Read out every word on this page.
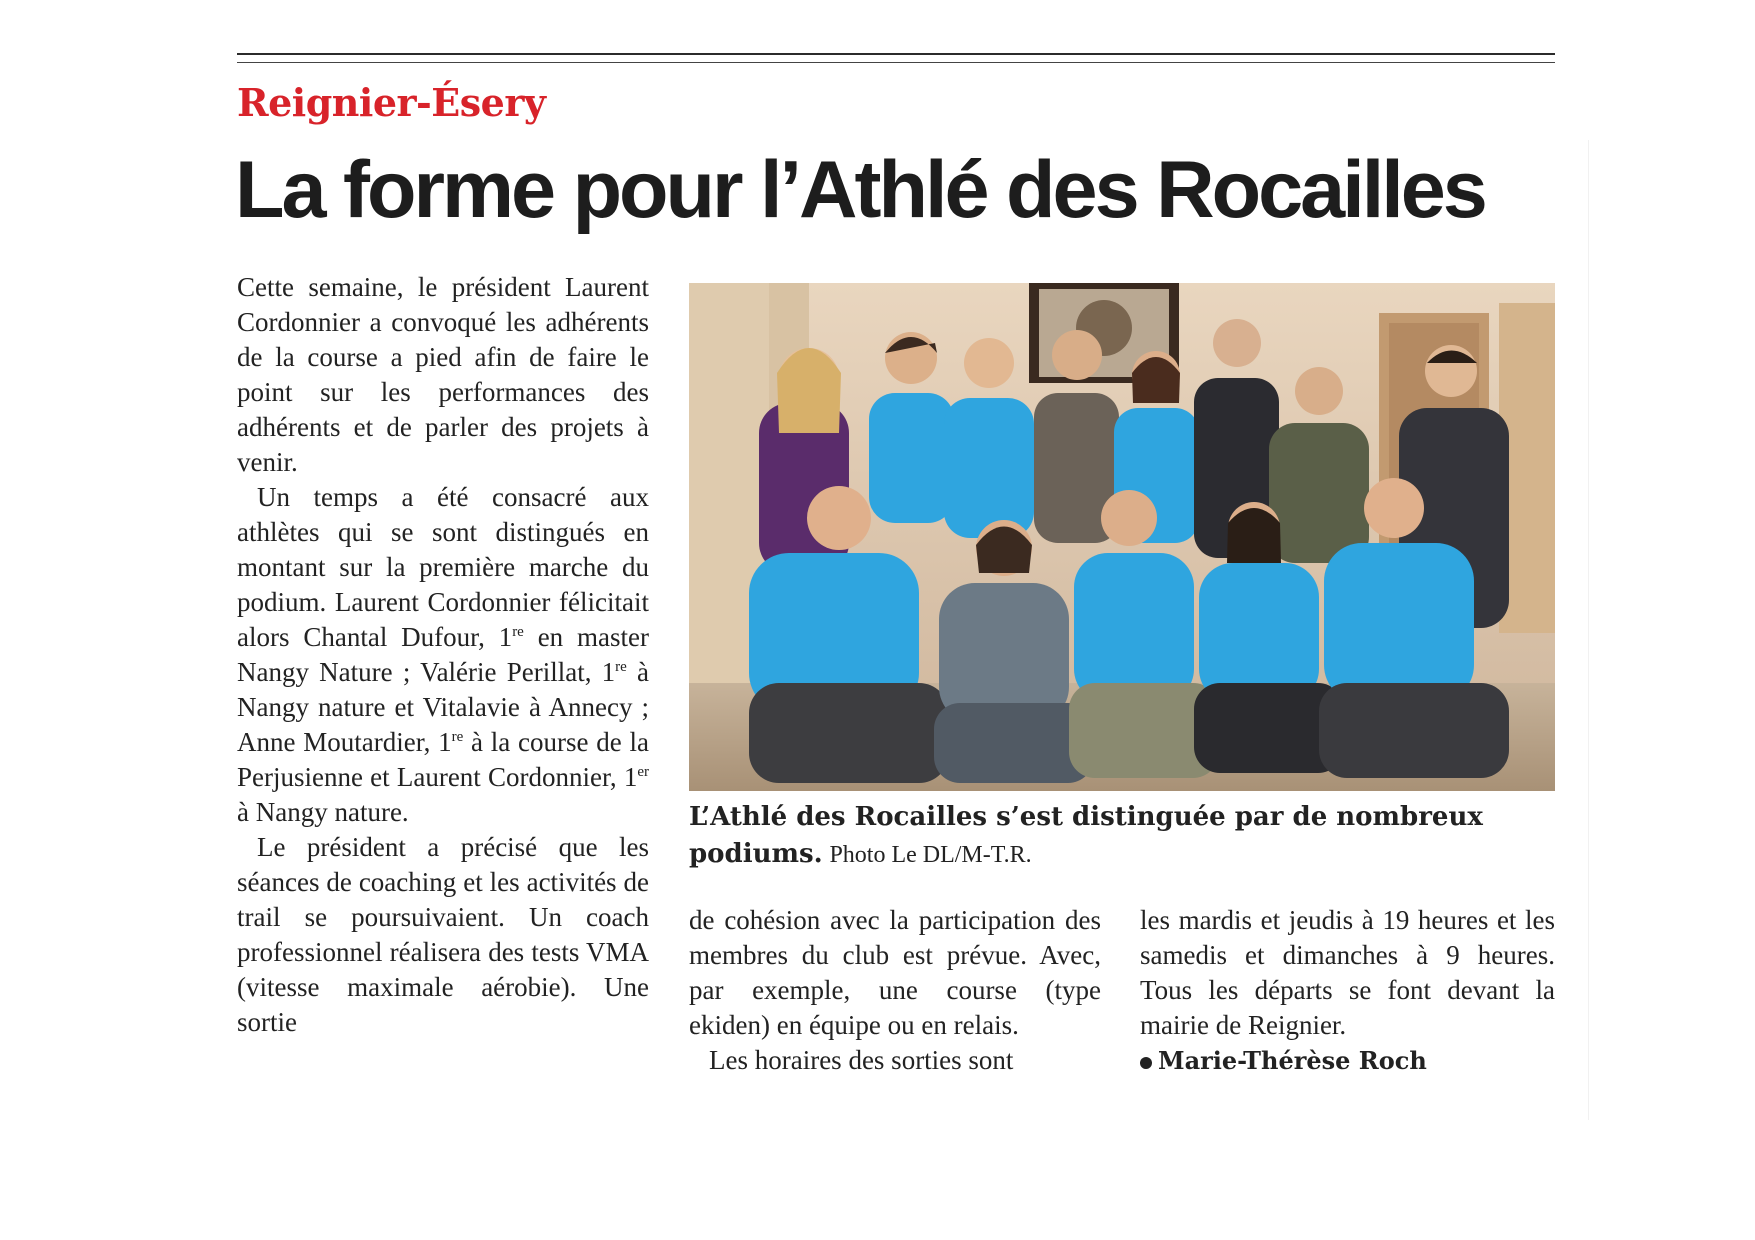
Reignier-Ésery
La forme pour l’Athlé des Rocailles

Cette semaine, le président Laurent Cordonnier a convoqué les adhérents de la course a pied afin de faire le point sur les performances des adhérents et de parler des projets à venir.

Un temps a été consacré aux athlètes qui se sont distingués en montant sur la première marche du podium. Laurent Cordonnier félicitait alors Chantal Dufour, 1re en master Nangy Nature ; Valérie Perillat, 1re à Nangy nature et Vitalavie à Annecy ; Anne Moutardier, 1re à la course de la Perjusienne et Laurent Cordonnier, 1er à Nangy nature.

Le président a précisé que les séances de coaching et les activités de trail se poursuivaient. Un coach professionnel réalisera des tests VMA (vitesse maximale aérobie). Une sortie

L’Athlé des Rocailles s’est distinguée par de nombreux podiums. Photo Le DL/M-T.R.

de cohésion avec la participation des membres du club est prévue. Avec, par exemple, une course (type ekiden) en équipe ou en relais.

Les horaires des sorties sont

les mardis et jeudis à 19 heures et les samedis et dimanches à 9 heures. Tous les départs se font devant la mairie de Reignier.

Marie-Thérèse Roch
